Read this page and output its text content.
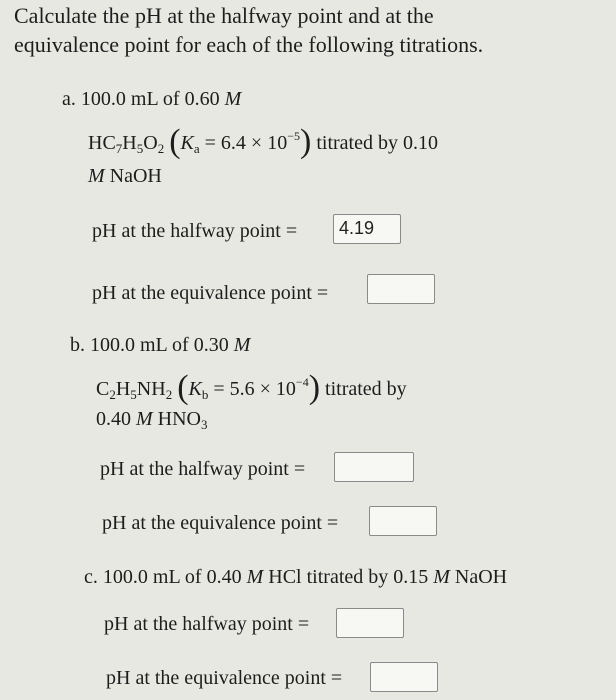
Calculate the pH at the halfway point and at the
equivalence point for each of the following titrations.
a. 100.0 mL of 0.60 M
$HC_7H_5O_2$ $(K_a = 6.4 \times 10^{-5})$ titrated by 0.10
M NaOH
pH at the halfway point =	4.19
pH at the equivalence point =
b. 100.0 mL of 0.30 M
$C_2H_5NH_2$ $(K_b = 5.6 \times 10^{-4})$ titrated by
0.40 M $HNO_3$
pH at the halfway point =
pH at the equivalence point =
c. 100.0 mL of 0.40 M HCl titrated by 0.15 M NaOH
pH at the halfway point =
pH at the equivalence point =
